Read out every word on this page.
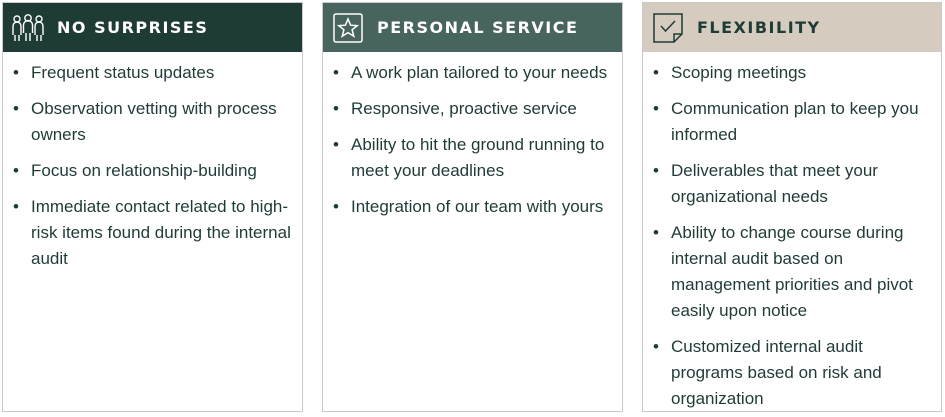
NO SURPRISES
• Frequent status updates
• Observation vetting with process owners
• Focus on relationship-building
• Immediate contact related to high-risk items found during the internal audit
PERSONAL SERVICE
• A work plan tailored to your needs
• Responsive, proactive service
• Ability to hit the ground running to meet your deadlines
• Integration of our team with yours
FLEXIBILITY
• Scoping meetings
• Communication plan to keep you informed
• Deliverables that meet your organizational needs
• Ability to change course during internal audit based on management priorities and pivot easily upon notice
• Customized internal audit programs based on risk and organization
